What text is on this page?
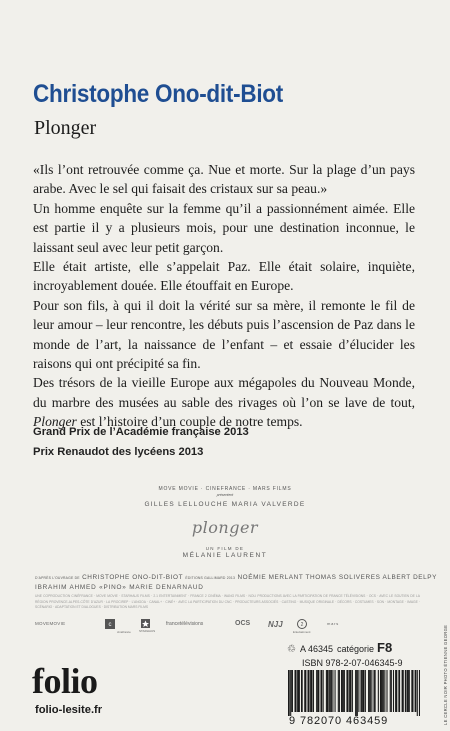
Christophe Ono-dit-Biot
Plonger

«Ils l’ont retrouvée comme ça. Nue et morte. Sur la plage d’un pays arabe. Avec le sel qui faisait des cristaux sur sa peau.»

Un homme enquête sur la femme qu’il a passionnément aimée. Elle est partie il y a plusieurs mois, pour une destination inconnue, le laissant seul avec leur petit garçon.

Elle était artiste, elle s’appelait Paz. Elle était solaire, inquiète, incroyablement douée. Elle étouffait en Europe.

Pour son fils, à qui il doit la vérité sur sa mère, il remonte le fil de leur amour – leur rencontre, les débuts puis l’ascension de Paz dans le monde de l’art, la naissance de l’enfant – et essaie d’élucider les raisons qui ont précipité sa fin.

Des trésors de la vieille Europe aux mégapoles du Nouveau Monde, du marbre des musées au sable des rivages où l’on se lave de tout, Plonger est l’histoire d’un couple de notre temps.

Grand Prix de l’Académie française 2013
Prix Renaudot des lycéens 2013
MOVE MOVIE · CINEFRANCE · MARS FILMS
présentent
GILLES LELLOUCHE MARIA VALVERDE
plonger
UN FILM DE
MÉLANIE LAURENT
D’APRÈS L’OUVRAGE DE CHRISTOPHE ONO-DIT-BIOT ÉDITIONS GALLIMARD 2013 NOÉMIE MERLANT THOMAS SOLIVERES ALBERT DELPY
IBRAHIM AHMED «PINO» MARIE DENARNAUD
UNE COPRODUCTION CINÉFRANCE · MOVE MOVIE · STARHAUS FILMS · 2.1 ENTERTAINMENT · FRANCE 2 CINÉMA · WANG FILMS · NOLI PRODUCTIONS AVEC LA PARTICIPATION DE FRANCE TÉLÉVISIONS · OCS · AVEC LE SOUTIEN DE LA RÉGION PROVENCE-ALPES-CÔTE D’AZUR · LA PROCIREP · L’ANGOA · CANAL+ · CINÉ+ · AVEC LA PARTICIPATION DU CNC · PRODUCTEURS ASSOCIÉS · CASTING · MUSIQUE ORIGINALE · DÉCORS · COSTUMES · SON · MONTAGE · IMAGE · SCÉNARIO · ADAPTATION ET DIALOGUES · DISTRIBUTION MARS FILMS
MOVEMOVIE	c
cinéfrance	STARHAUS
francetélévisions	OCS NJJ	2
Entertainment
mars
folio
folio-lesite.fr
♲ A 46345 catégorie F8
ISBN 978-2-07-046345-9
9 782070 463459	LE CERCLE NOIR PHOTO ÉTIENNE GEORGE
